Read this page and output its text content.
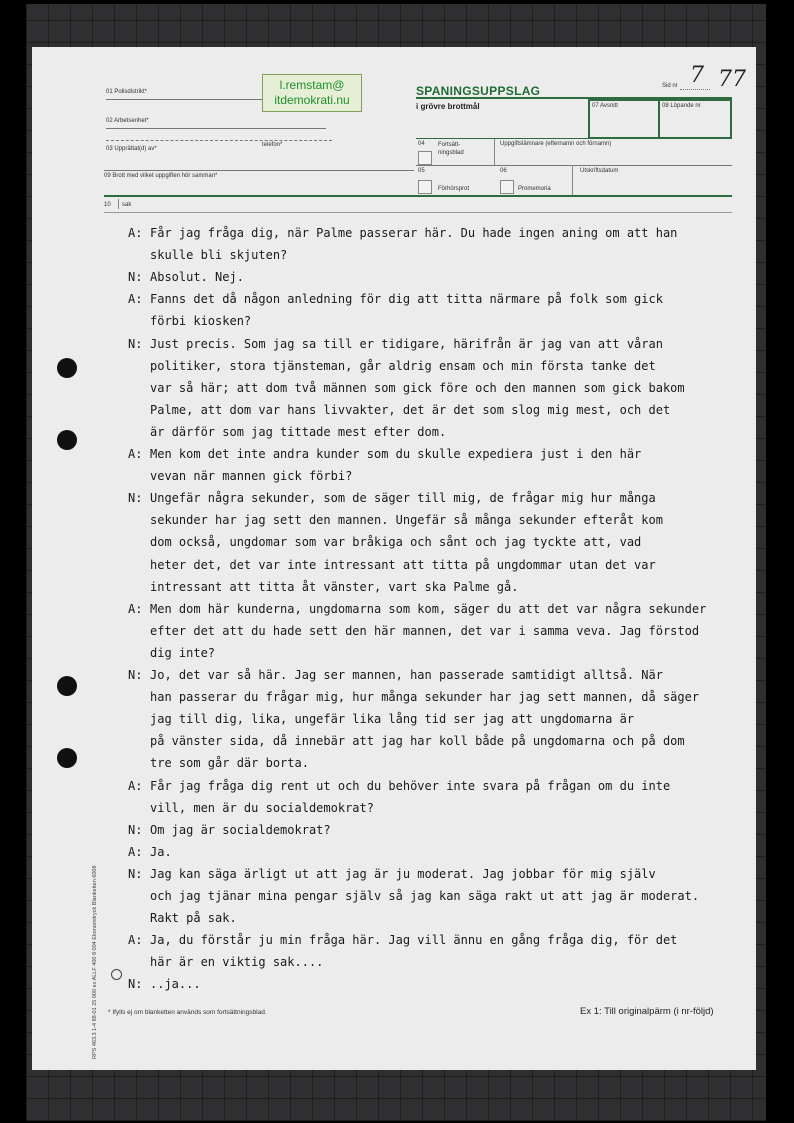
01 Polisdistrikt*
02 Arbetsenhet*
03 Upprättat(d) av*
telefon*
l.remstam@
itdemokrati.nu
SPANINGSUPPSLAG
i grövre brottmål
Sid nr 7 77
07 Avsnitt	08 Löpande nr
04 Fortsätt-
ningsblad
Uppgiftslämnare (efternamn och förnamn)
05	06	Utskriftsdatum
Förhörsprot	Promemoria
09 Brott med vilket uppgiften hör samman*
10 sak
A: Får jag fråga dig, när Palme passerar här. Du hade ingen aning om att han
skulle bli skjuten?
N: Absolut. Nej.
A: Fanns det då någon anledning för dig att titta närmare på folk som gick
förbi kiosken?
N: Just precis. Som jag sa till er tidigare, härifrån är jag van att våran
politiker, stora tjänsteman, går aldrig ensam och min första tanke det
var så här; att dom två männen som gick före och den mannen som gick bakom
Palme, att dom var hans livvakter, det är det som slog mig mest, och det
är därför som jag tittade mest efter dom.
A: Men kom det inte andra kunder som du skulle expediera just i den här
vevan när mannen gick förbi?
N: Ungefär några sekunder, som de säger till mig, de frågar mig hur många
sekunder har jag sett den mannen. Ungefär så många sekunder efteråt kom
dom också, ungdomar som var bråkiga och sånt och jag tyckte att, vad
heter det, det var inte intressant att titta på ungdommar utan det var
intressant att titta åt vänster, vart ska Palme gå.
A: Men dom här kunderna, ungdomarna som kom, säger du att det var några sekunder
efter det att du hade sett den här mannen, det var i samma veva. Jag förstod
dig inte?
N: Jo, det var så här. Jag ser mannen, han passerade samtidigt alltså. När
han passerar du frågar mig, hur många sekunder har jag sett mannen, då säger
jag till dig, lika, ungefär lika lång tid ser jag att ungdomarna är
på vänster sida, då innebär att jag har koll både på ungdomarna och på dom
tre som går där borta.
A: Får jag fråga dig rent ut och du behöver inte svara på frågan om du inte
vill, men är du socialdemokrat?
N: Om jag är socialdemokrat?
A: Ja.
N: Jag kan säga ärligt ut att jag är ju moderat. Jag jobbar för mig själv
och jag tjänar mina pengar själv så jag kan säga rakt ut att jag är moderat.
Rakt på sak.
A: Ja, du förstår ju min fråga här. Jag vill ännu en gång fråga dig, för det
här är en viktig sak....
N: ..ja...
* Ifylls ej om blanketten används som fortsättningsblad.	Ex 1: Till originalpärm (i nr-följd)
RPS 463.3 1-4 88-01 25 000 ex ALLF 400 8 004 Ekonomitryck Blanketten 6008
